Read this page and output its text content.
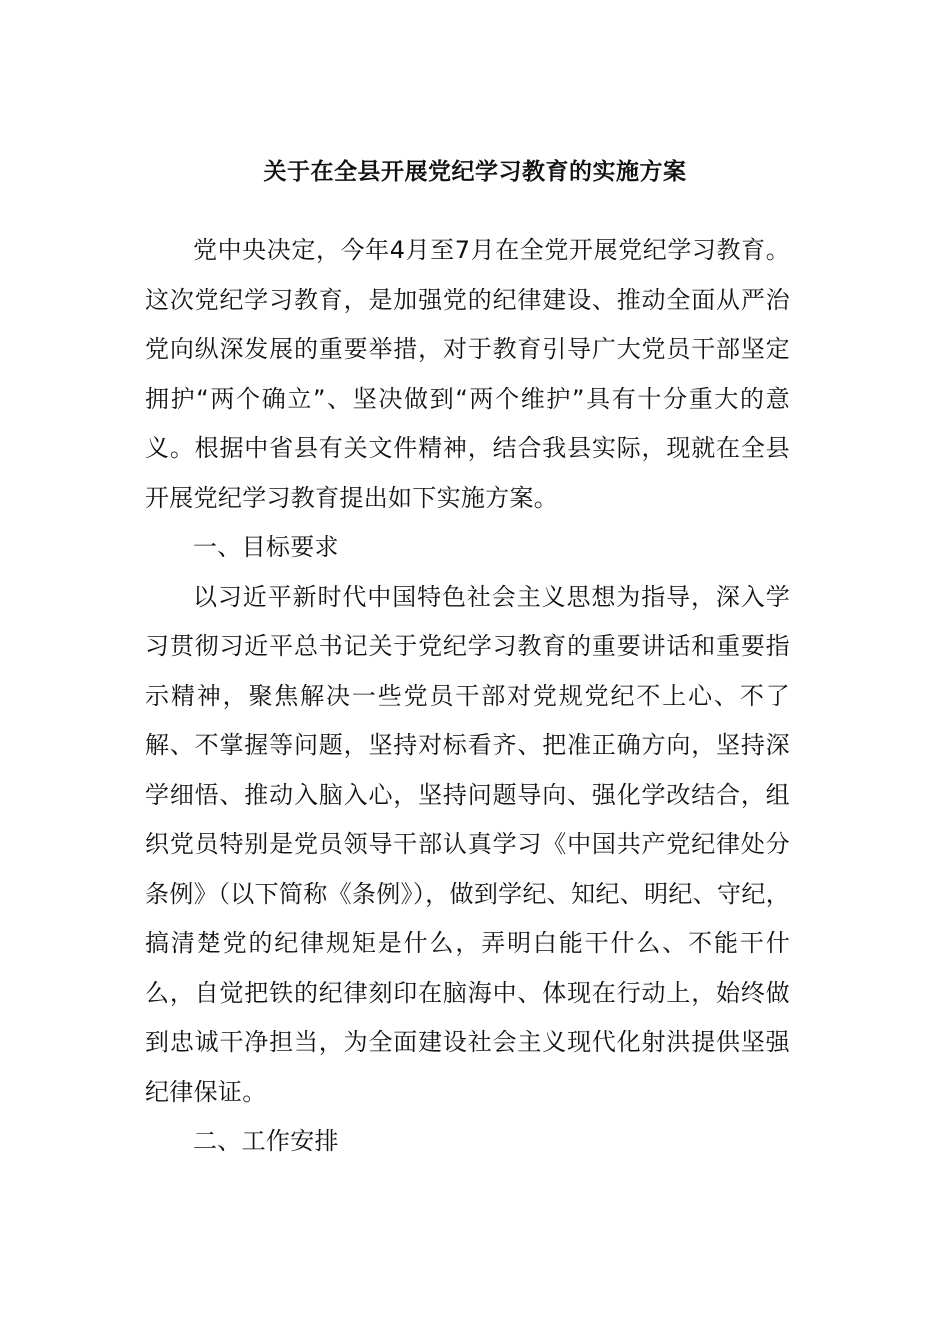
关于在全县开展党纪学习教育的实施方案

党中央决定，今年4月至7月在全党开展党纪学习教育。这次党纪学习教育，是加强党的纪律建设、推动全面从严治党向纵深发展的重要举措，对于教育引导广大党员干部坚定拥护“两个确立”、坚决做到“两个维护”具有十分重大的意义。根据中省县有关文件精神，结合我县实际，现就在全县开展党纪学习教育提出如下实施方案。

一、目标要求

以习近平新时代中国特色社会主义思想为指导，深入学习贯彻习近平总书记关于党纪学习教育的重要讲话和重要指示精神，聚焦解决一些党员干部对党规党纪不上心、不了解、不掌握等问题，坚持对标看齐、把准正确方向，坚持深学细悟、推动入脑入心，坚持问题导向、强化学改结合，组织党员特别是党员领导干部认真学习《中国共产党纪律处分条例》（以下简称《条例》），做到学纪、知纪、明纪、守纪，搞清楚党的纪律规矩是什么，弄明白能干什么、不能干什么，自觉把铁的纪律刻印在脑海中、体现在行动上，始终做到忠诚干净担当，为全面建设社会主义现代化射洪提供坚强纪律保证。

二、工作安排
